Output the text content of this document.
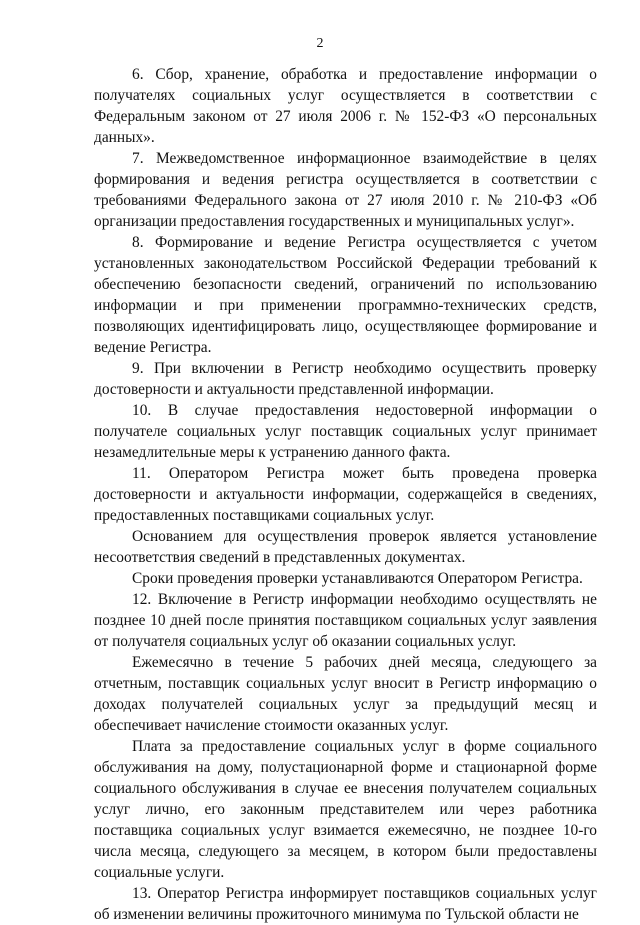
2

6. Сбор, хранение, обработка и предоставление информации о получателях социальных услуг осуществляется в соответствии с Федеральным законом от 27 июля 2006 г. № 152-ФЗ «О персональных данных».

7. Межведомственное информационное взаимодействие в целях формирования и ведения регистра осуществляется в соответствии с требованиями Федерального закона от 27 июля 2010 г. № 210-ФЗ «Об организации предоставления государственных и муниципальных услуг».

8. Формирование и ведение Регистра осуществляется с учетом установленных законодательством Российской Федерации требований к обеспечению безопасности сведений, ограничений по использованию информации и при применении программно-технических средств, позволяющих идентифицировать лицо, осуществляющее формирование и ведение Регистра.

9. При включении в Регистр необходимо осуществить проверку достоверности и актуальности представленной информации.

10. В случае предоставления недостоверной информации о получателе социальных услуг поставщик социальных услуг принимает незамедлительные меры к устранению данного факта.

11. Оператором Регистра может быть проведена проверка достоверности и актуальности информации, содержащейся в сведениях, предоставленных поставщиками социальных услуг.

Основанием для осуществления проверок является установление несоответствия сведений в представленных документах.

Сроки проведения проверки устанавливаются Оператором Регистра.

12. Включение в Регистр информации необходимо осуществлять не позднее 10 дней после принятия поставщиком социальных услуг заявления от получателя социальных услуг об оказании социальных услуг.

Ежемесячно в течение 5 рабочих дней месяца, следующего за отчетным, поставщик социальных услуг вносит в Регистр информацию о доходах получателей социальных услуг за предыдущий месяц и обеспечивает начисление стоимости оказанных услуг.

Плата за предоставление социальных услуг в форме социального обслуживания на дому, полустационарной форме и стационарной форме социального обслуживания в случае ее внесения получателем социальных услуг лично, его законным представителем или через работника поставщика социальных услуг взимается ежемесячно, не позднее 10-го числа месяца, следующего за месяцем, в котором были предоставлены социальные услуги.

13. Оператор Регистра информирует поставщиков социальных услуг об изменении величины прожиточного минимума по Тульской области не
